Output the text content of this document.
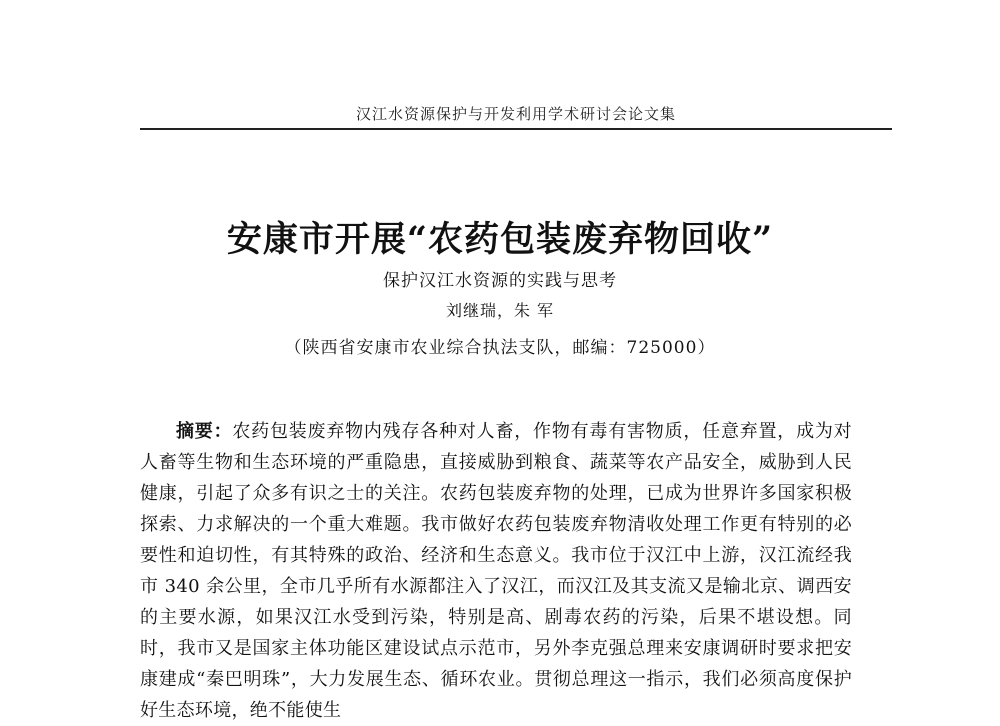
汉江水资源保护与开发利用学术研讨会论文集
安康市开展“农药包装废弃物回收”
保护汉江水资源的实践与思考
刘继瑞，朱 军
（陕西省安康市农业综合执法支队，邮编：725000）

摘要：农药包装废弃物内残存各种对人畜，作物有毒有害物质，任意弃置，成为对人畜等生物和生态环境的严重隐患，直接威胁到粮食、蔬菜等农产品安全，威胁到人民健康，引起了众多有识之士的关注。农药包装废弃物的处理，已成为世界许多国家积极探索、力求解决的一个重大难题。我市做好农药包装废弃物清收处理工作更有特别的必要性和迫切性，有其特殊的政治、经济和生态意义。我市位于汉江中上游，汉江流经我市 340 余公里，全市几乎所有水源都注入了汉江，而汉江及其支流又是输北京、调西安的主要水源，如果汉江水受到污染，特别是高、剧毒农药的污染，后果不堪设想。同时，我市又是国家主体功能区建设试点示范市，另外李克强总理来安康调研时要求把安康建成“秦巴明珠”，大力发展生态、循环农业。贯彻总理这一指示，我们必须高度保护好生态环境，绝不能使生
